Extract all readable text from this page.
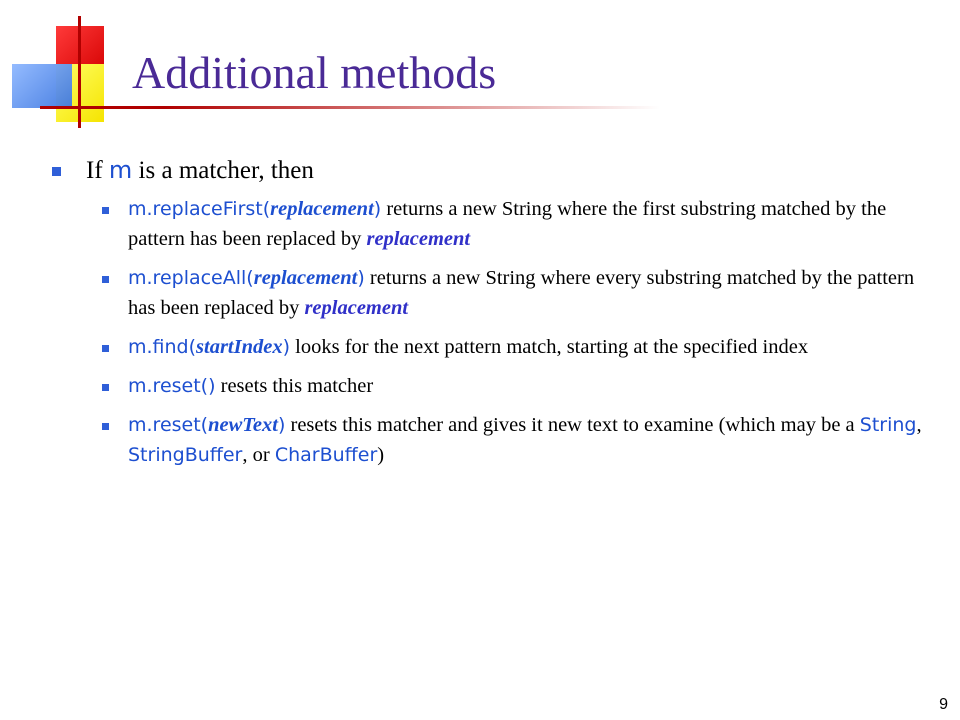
Additional methods
If m is a matcher, then
m.replaceFirst(replacement) returns a new String where the first substring matched by the pattern has been replaced by replacement
m.replaceAll(replacement) returns a new String where every substring matched by the pattern has been replaced by replacement
m.find(startIndex) looks for the next pattern match, starting at the specified index
m.reset() resets this matcher
m.reset(newText) resets this matcher and gives it new text to examine (which may be a String, StringBuffer, or CharBuffer)
9
